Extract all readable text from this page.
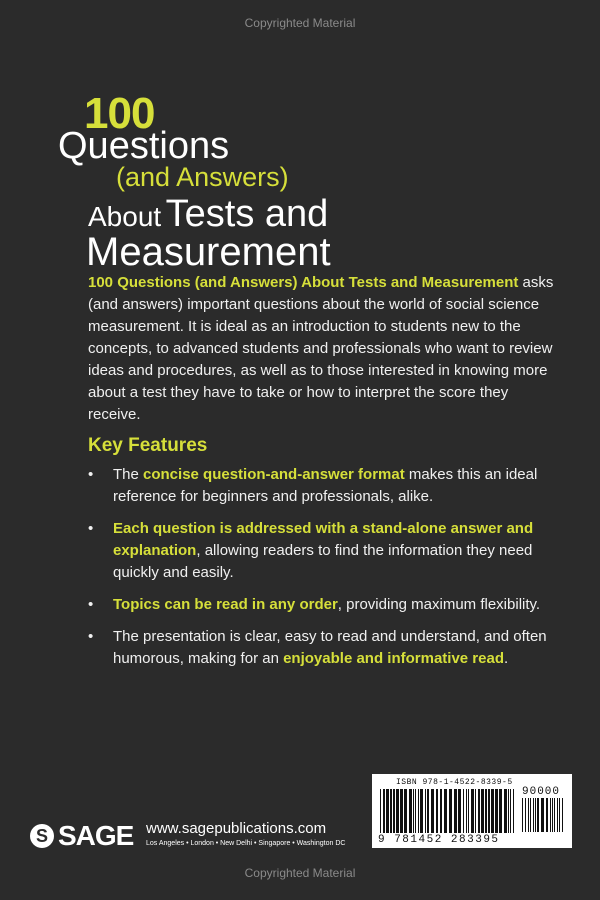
Copyrighted Material
100
Questions
(and Answers)
About Tests and
Measurement

100 Questions (and Answers) About Tests and Measurement asks (and answers) important questions about the world of social science measurement. It is ideal as an introduction to students new to the concepts, to advanced students and professionals who want to review ideas and procedures, as well as to those interested in knowing more about a test they have to take or how to interpret the score they receive.

Key Features
• The concise question-and-answer format makes this an ideal reference for beginners and professionals, alike.
• Each question is addressed with a stand-alone answer and explanation, allowing readers to find the information they need quickly and easily.
• Topics can be read in any order, providing maximum flexibility.
• The presentation is clear, easy to read and understand, and often humorous, making for an enjoyable and informative read.
S SAGE www.sagepublications.com
Los Angeles • London • New Delhi • Singapore • Washington DC
ISBN 978-1-4522-8339-5
90000
9 781452 283395
Copyrighted Material
